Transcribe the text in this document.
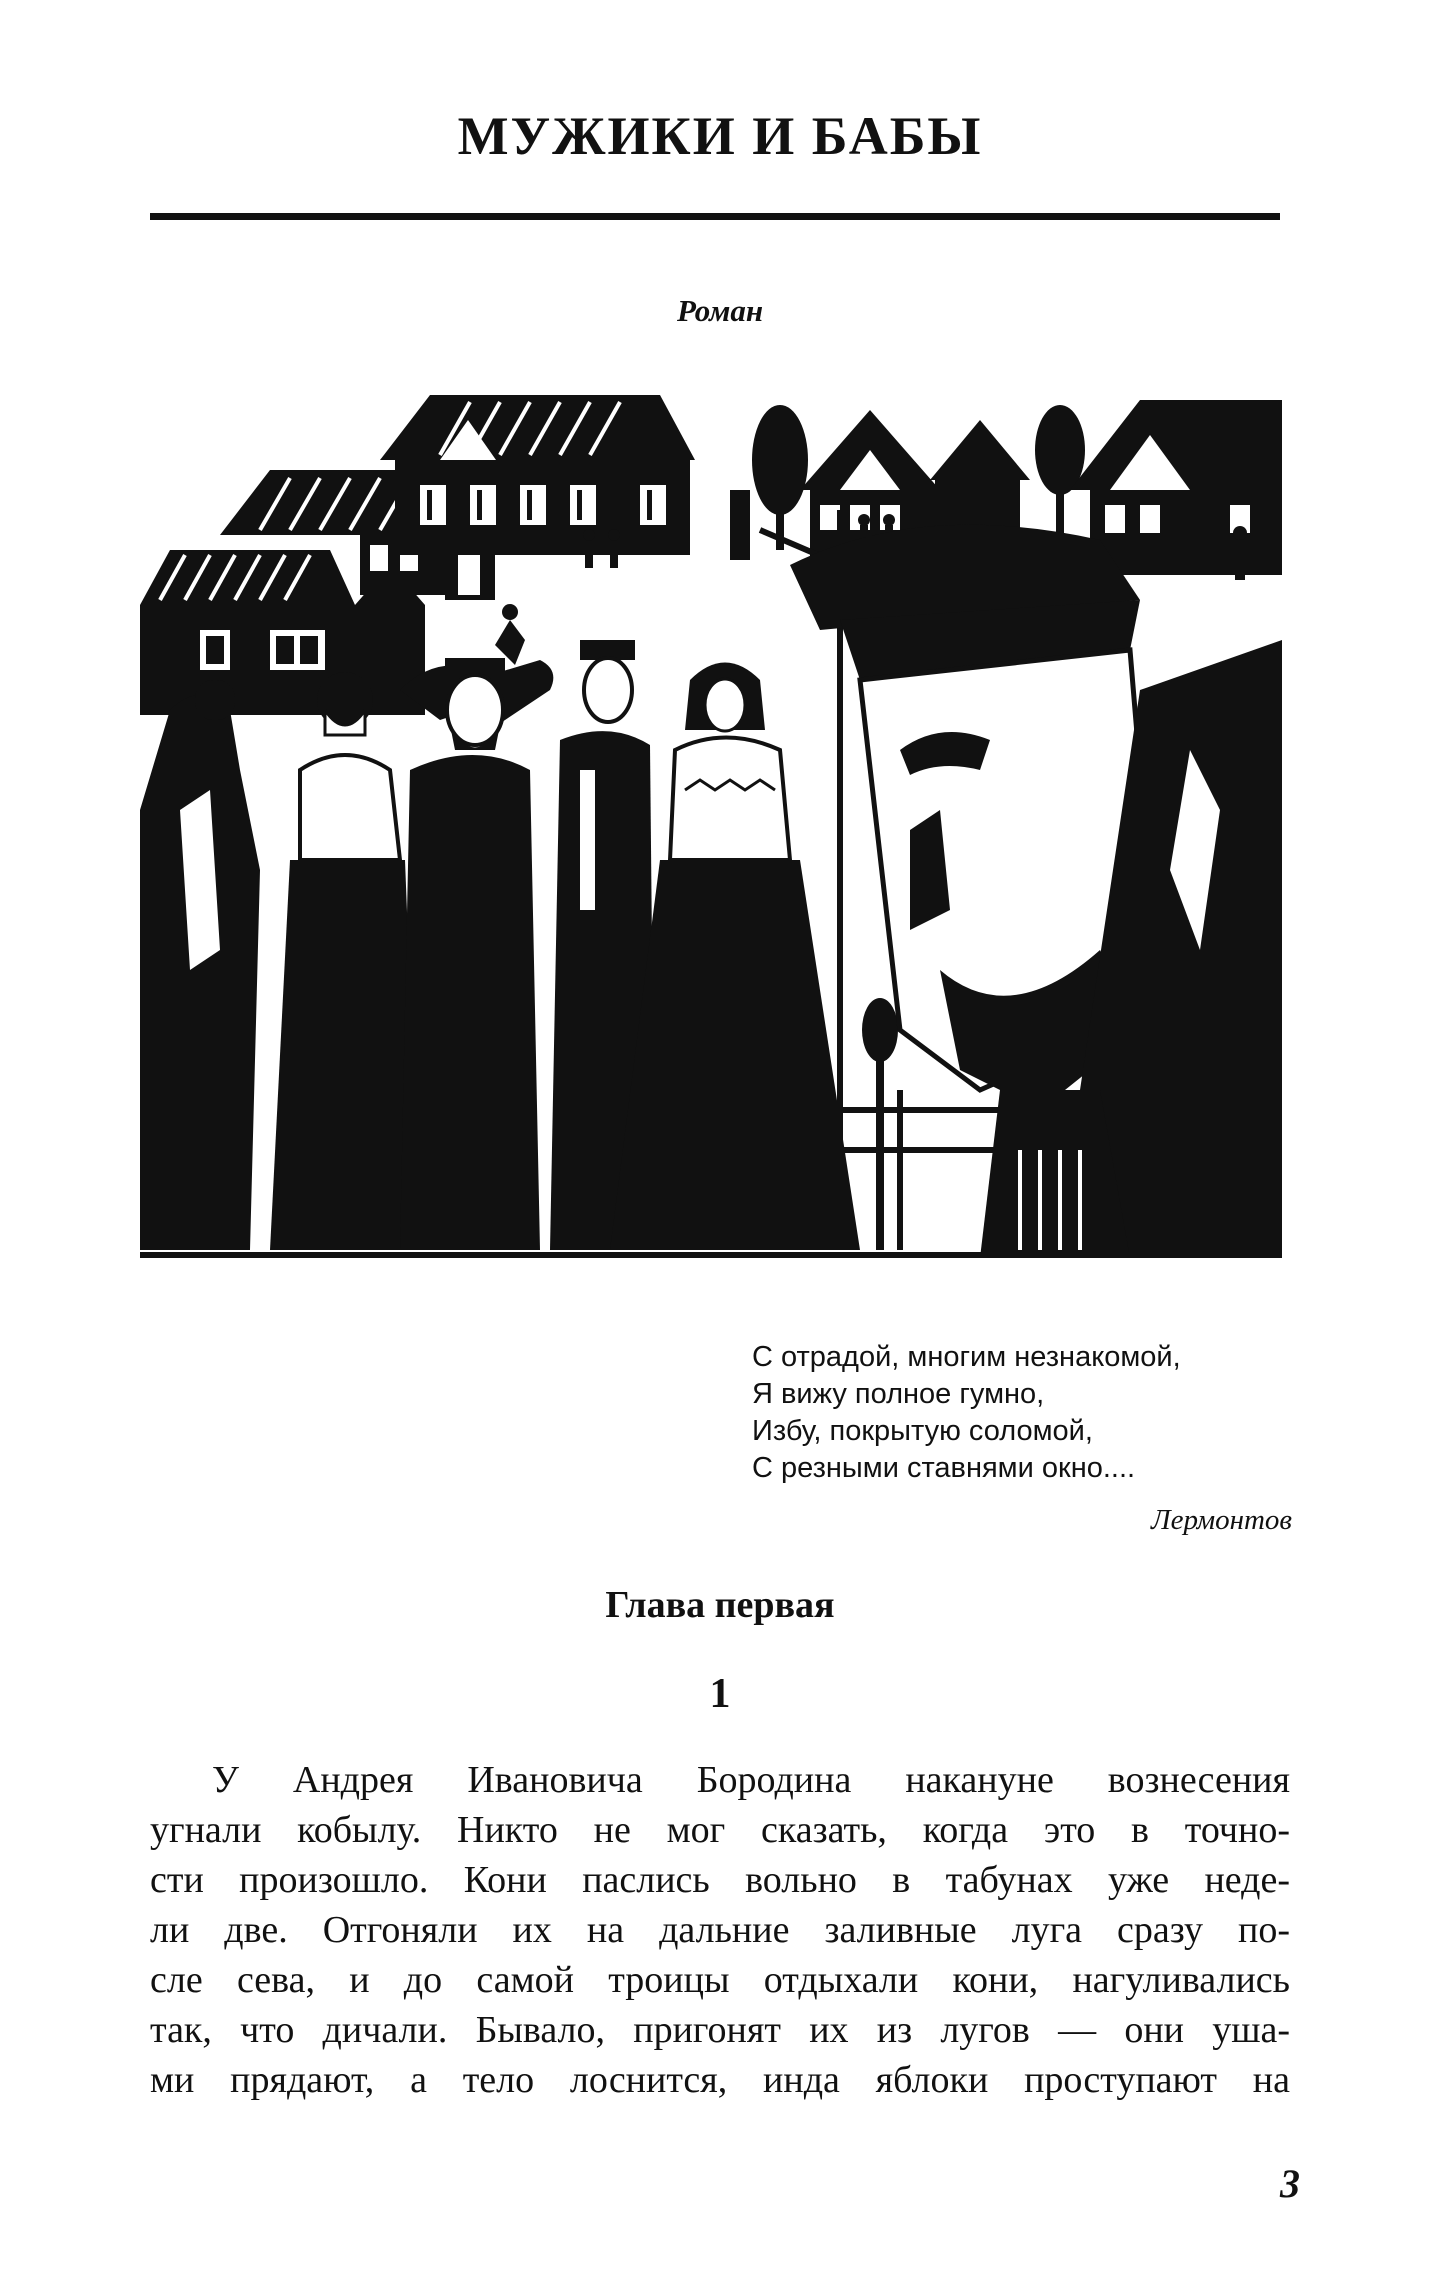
МУЖИКИ И БАБЫ
Роман
С отрадой, многим незнакомой,
Я вижу полное гумно,
Избу, покрытую соломой,
С резными ставнями окно....
Лермонтов
Глава первая
1
У Андрея Ивановича Бородина накануне вознесения
угнали кобылу. Никто не мог сказать, когда это в точно-
сти произошло. Кони паслись вольно в табунах уже неде-
ли две. Отгоняли их на дальние заливные луга сразу по-
сле сева, и до самой троицы отдыхали кони, нагуливались
так, что дичали. Бывало, пригонят их из лугов — они уша-
ми прядают, а тело лоснится, инда яблоки проступают на
3
